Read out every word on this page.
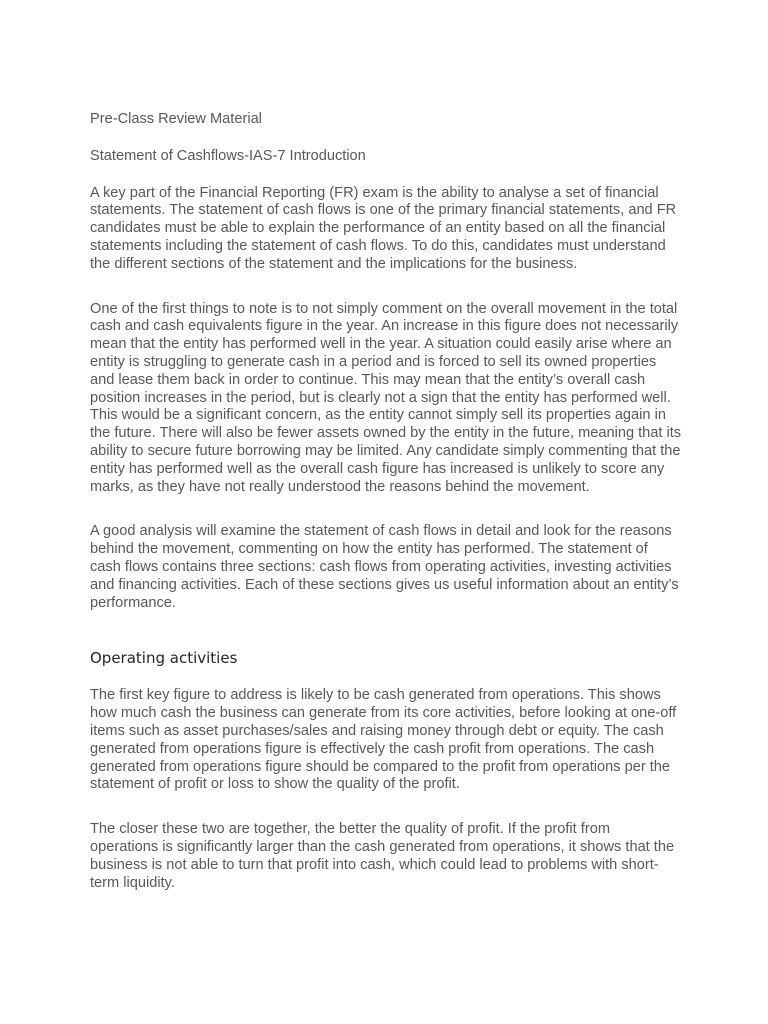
Pre-Class Review Material

Statement of Cashflows-IAS-7 Introduction

A key part of the Financial Reporting (FR) exam is the ability to analyse a set of financial statements. The statement of cash flows is one of the primary financial statements, and FR candidates must be able to explain the performance of an entity based on all the financial statements including the statement of cash flows. To do this, candidates must understand the different sections of the statement and the implications for the business.

One of the first things to note is to not simply comment on the overall movement in the total cash and cash equivalents figure in the year. An increase in this figure does not necessarily mean that the entity has performed well in the year. A situation could easily arise where an entity is struggling to generate cash in a period and is forced to sell its owned properties and lease them back in order to continue. This may mean that the entity’s overall cash position increases in the period, but is clearly not a sign that the entity has performed well. This would be a significant concern, as the entity cannot simply sell its properties again in the future. There will also be fewer assets owned by the entity in the future, meaning that its ability to secure future borrowing may be limited. Any candidate simply commenting that the entity has performed well as the overall cash figure has increased is unlikely to score any marks, as they have not really understood the reasons behind the movement.

A good analysis will examine the statement of cash flows in detail and look for the reasons behind the movement, commenting on how the entity has performed. The statement of cash flows contains three sections: cash flows from operating activities, investing activities and financing activities. Each of these sections gives us useful information about an entity’s performance.

Operating activities

The first key figure to address is likely to be cash generated from operations. This shows how much cash the business can generate from its core activities, before looking at one-off items such as asset purchases/sales and raising money through debt or equity. The cash generated from operations figure is effectively the cash profit from operations. The cash generated from operations figure should be compared to the profit from operations per the statement of profit or loss to show the quality of the profit.

The closer these two are together, the better the quality of profit. If the profit from operations is significantly larger than the cash generated from operations, it shows that the business is not able to turn that profit into cash, which could lead to problems with short-term liquidity.
